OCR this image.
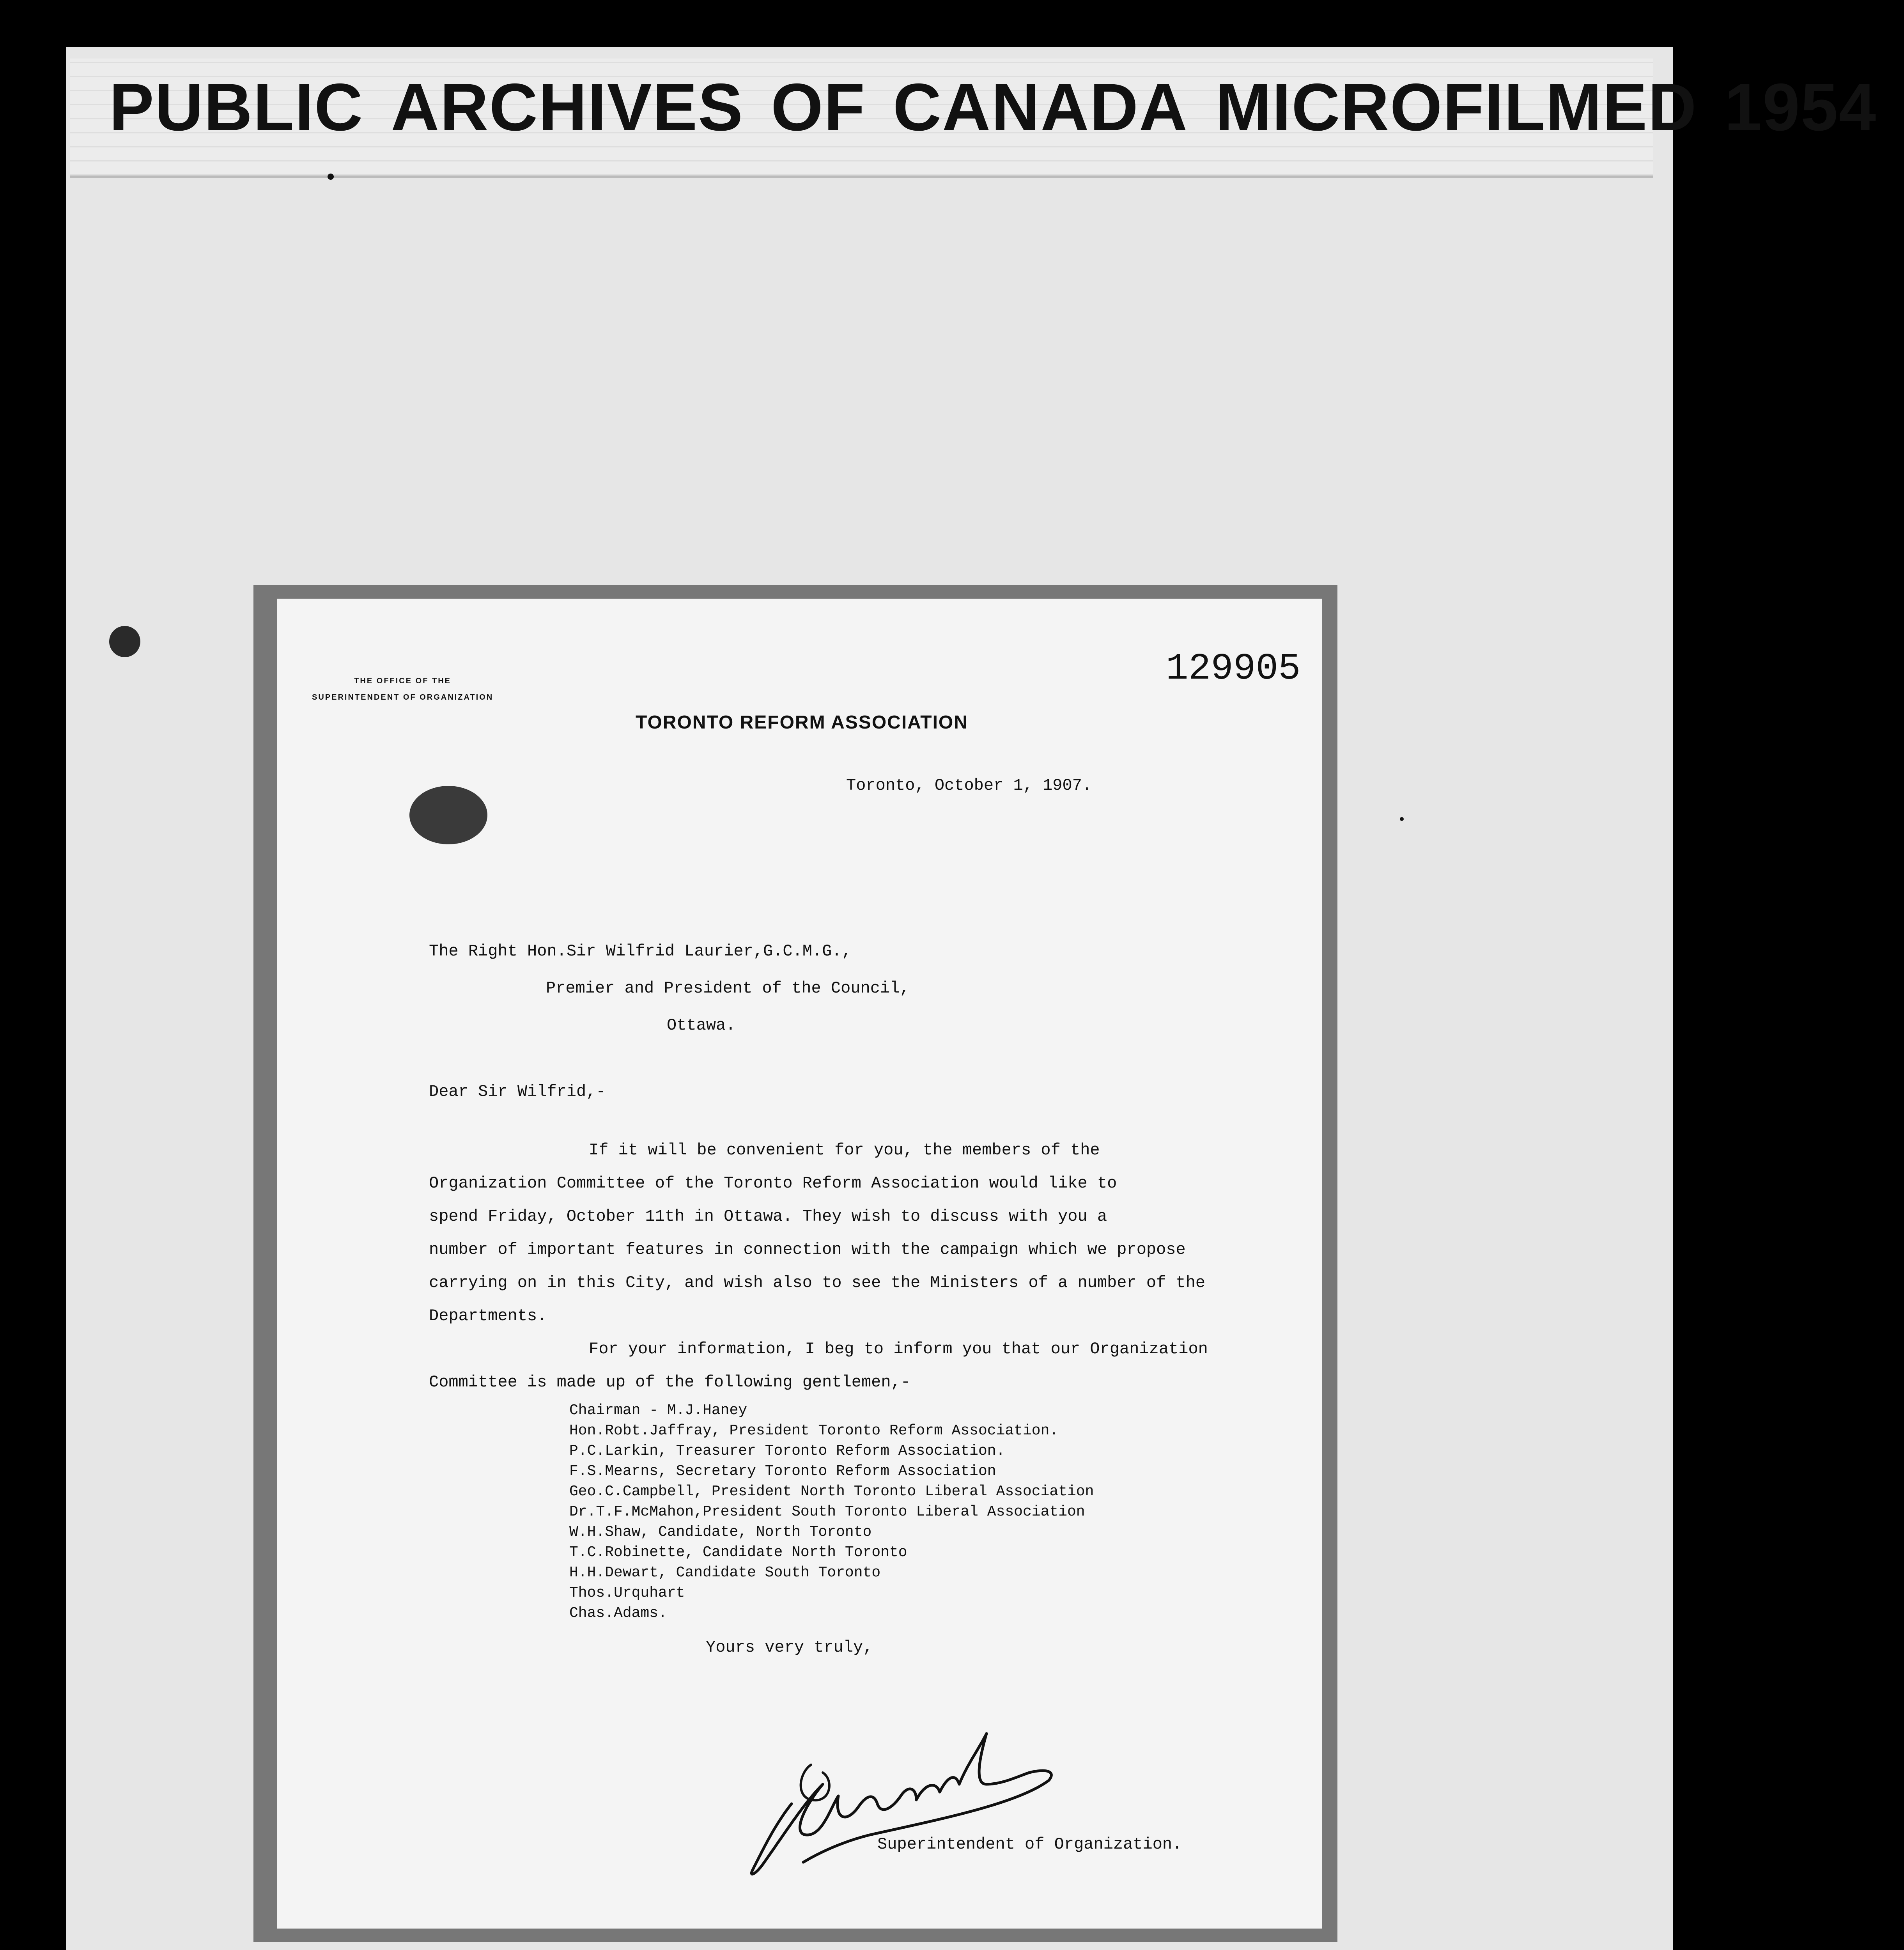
PUBLIC ARCHIVES OF CANADA MICROFILMED 1954
THE OFFICE OF THE
SUPERINTENDENT OF ORGANIZATION
129905
TORONTO REFORM ASSOCIATION
Toronto, October 1, 1907.
The Right Hon.Sir Wilfrid Laurier,G.C.M.G.,
Premier and President of the Council,
Ottawa.
Dear Sir Wilfrid,-
If it will be convenient for you, the members of the
Organization Committee of the Toronto Reform Association would like to
spend Friday, October 11th in Ottawa. They wish to discuss with you a
number of important features in connection with the campaign which we propose
carrying on in this City, and wish also to see the Ministers of a number of the
Departments.
For your information, I beg to inform you that our Organization
Committee is made up of the following gentlemen,-
Chairman - M.J.Haney
Hon.Robt.Jaffray, President Toronto Reform Association.
P.C.Larkin, Treasurer Toronto Reform Association.
F.S.Mearns, Secretary Toronto Reform Association
Geo.C.Campbell, President North Toronto Liberal Association
Dr.T.F.McMahon,President South Toronto Liberal Association
W.H.Shaw, Candidate, North Toronto
T.C.Robinette, Candidate North Toronto
H.H.Dewart, Candidate South Toronto
Thos.Urquhart
Chas.Adams.
Yours very truly,
Superintendent of Organization.
